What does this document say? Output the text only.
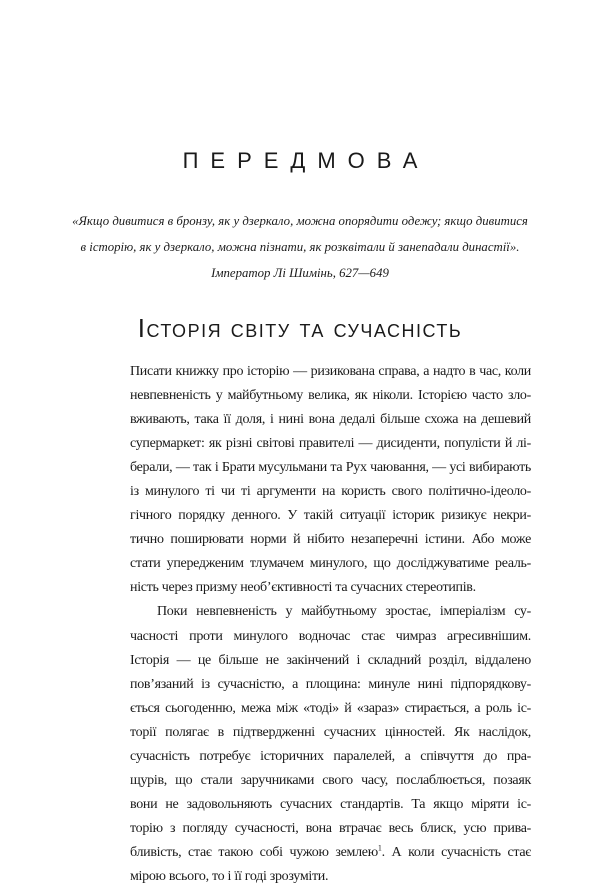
ПЕРЕДМОВА
«Якщо дивитися в бронзу, як у дзеркало, можна опорядити одежу; якщо дивитися
в історію, як у дзеркало, можна пізнати, як розквітали й занепадали династії».
Імператор Лі Шимінь, 627—649
Історія світу та сучасність
Писати книжку про історію — ризикована справа, а надто в час, коли
невпевненість у майбутньому велика, як ніколи. Історією часто зло-
вживають, така її доля, і нині вона дедалі більше схожа на дешевий
супермаркет: як різні світові правителі — дисиденти, популісти й лі-
берали, — так і Брати мусульмани та Рух чаювання, — усі вибирають
із минулого ті чи ті аргументи на користь свого політично-ідеоло-
гічного порядку денного. У такій ситуації історик ризикує некри-
тично поширювати норми й нібито незаперечні істини. Або може
стати упередженим тлумачем минулого, що досліджуватиме реаль-
ність через призму необ’єктивності та сучасних стереотипів.
Поки невпевненість у майбутньому зростає, імперіалізм су-
часності проти минулого водночас стає чимраз агресивнішим.
Історія — це більше не закінчений і складний розділ, віддалено
пов’язаний із сучасністю, а площина: минуле нині підпорядкову-
ється сьогоденню, межа між «тоді» й «зараз» стирається, а роль іс-
торії полягає в підтвердженні сучасних цінностей. Як наслідок,
сучасність потребує історичних паралелей, а співчуття до пра-
щурів, що стали заручниками свого часу, послаблюється, позаяк
вони не задовольняють сучасних стандартів. Та якщо міряти іс-
торію з погляду сучасності, вона втрачає весь блиск, усю прива-
бливість, стає такою собі чужою землею$^1$. А коли сучасність стає
мірою всього, то і її годі зрозуміти.
